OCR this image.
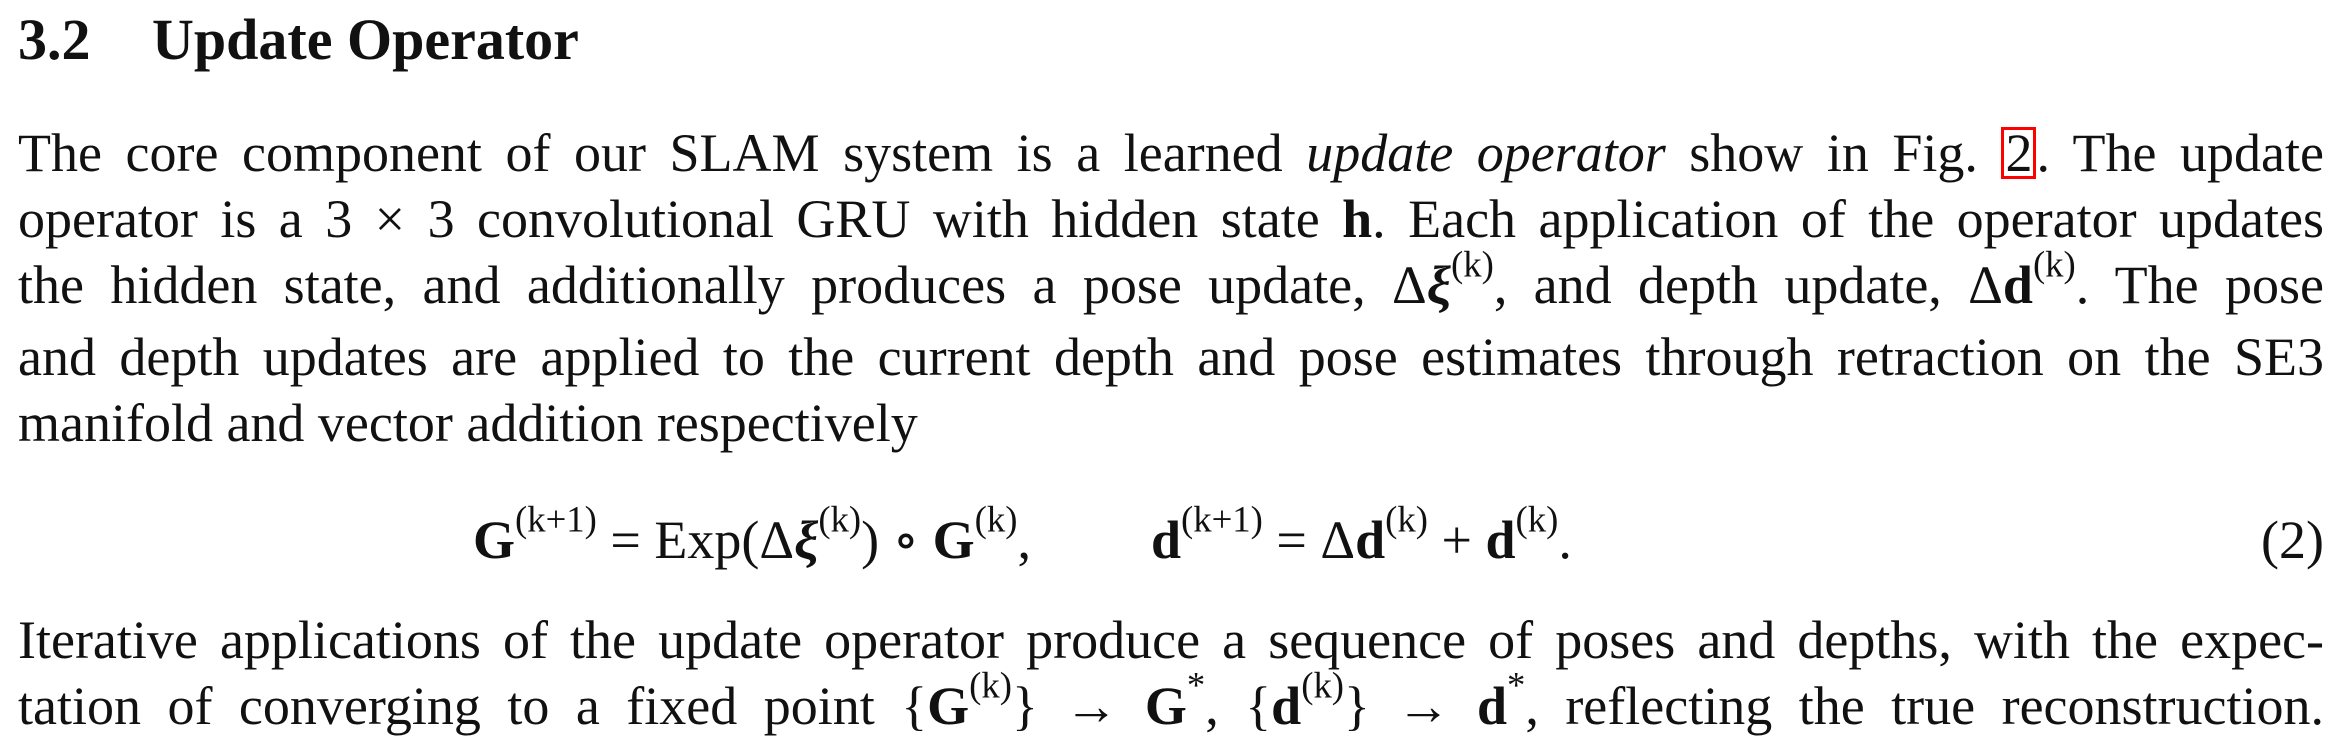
3.2 Update Operator
The core component of our SLAM system is a learned update operator show in Fig. 2. The update
operator is a 3 × 3 convolutional GRU with hidden state h. Each application of the operator updates
the hidden state, and additionally produces a pose update, $\Delta\xi^{(k)}$, and depth update, $\Delta d^{(k)}$. The pose
and depth updates are applied to the current depth and pose estimates through retraction on the SE3
manifold and vector addition respectively
$G^{(k+1)} = Exp(\Delta\xi^{(k)})$ ∘ $G^{(k)}$, $d^{(k+1)} = \Delta d^{(k)} + d^{(k)}$.	(2)
Iterative applications of the update operator produce a sequence of poses and depths, with the expec-
tation of converging to a fixed point $\{G^{(k)}\} \to G^*$, $\{d^{(k)}\} \to d^*$, reflecting the true reconstruction.
